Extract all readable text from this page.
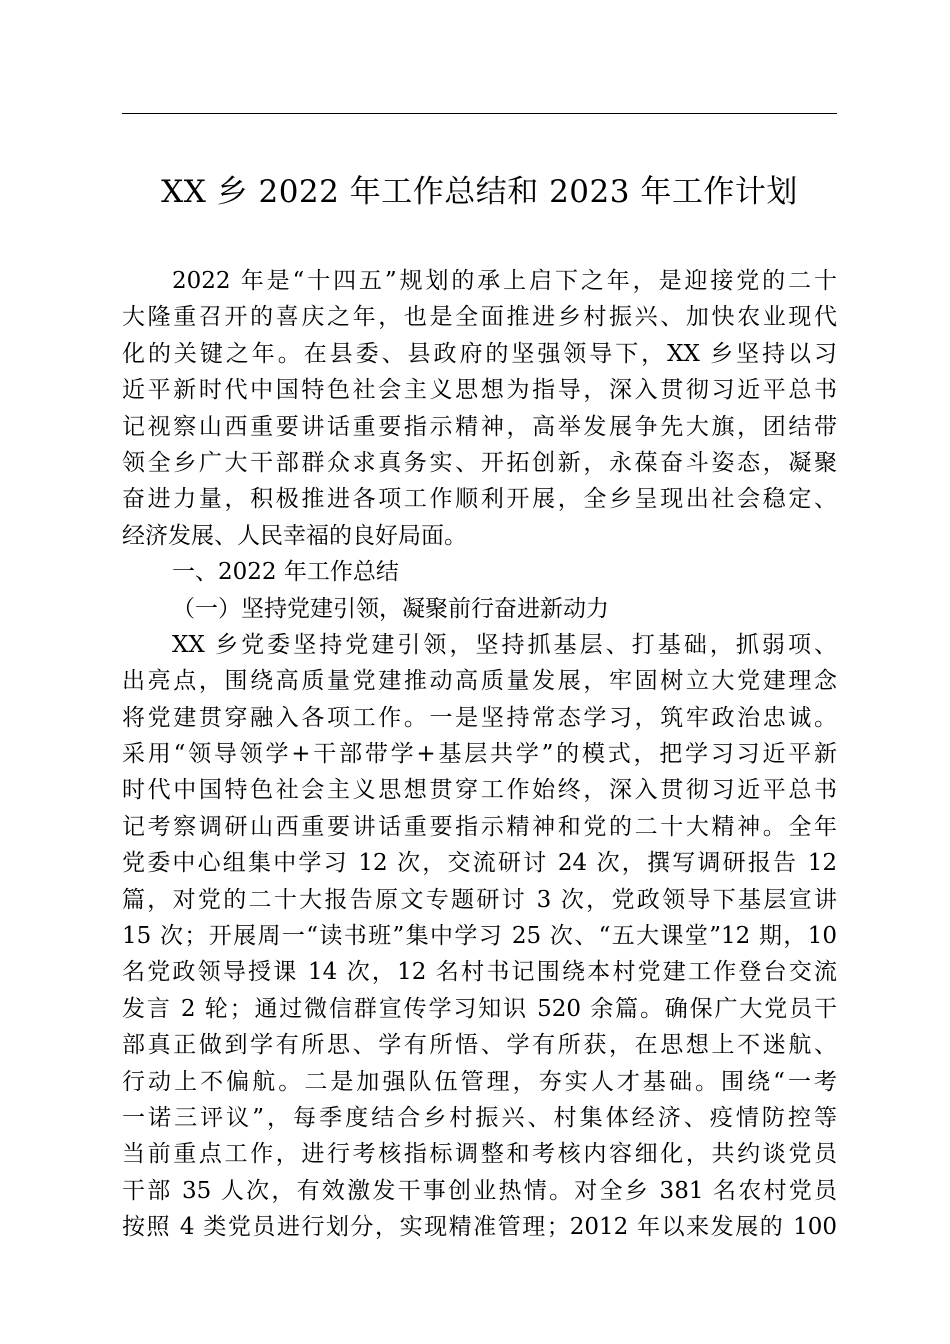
XX 乡 2022 年工作总结和 2023 年工作计划
2022 年是“十四五”规划的承上启下之年，是迎接党的二十
大隆重召开的喜庆之年，也是全面推进乡村振兴、加快农业现代
化的关键之年。在县委、县政府的坚强领导下，XX 乡坚持以习
近平新时代中国特色社会主义思想为指导，深入贯彻习近平总书
记视察山西重要讲话重要指示精神，高举发展争先大旗，团结带
领全乡广大干部群众求真务实、开拓创新，永葆奋斗姿态，凝聚
奋进力量，积极推进各项工作顺利开展，全乡呈现出社会稳定、
经济发展、人民幸福的良好局面。
一、2022 年工作总结
（一）坚持党建引领，凝聚前行奋进新动力
XX 乡党委坚持党建引领，坚持抓基层、打基础，抓弱项、
出亮点，围绕高质量党建推动高质量发展，牢固树立大党建理念
将党建贯穿融入各项工作。一是坚持常态学习，筑牢政治忠诚。
采用“领导领学+干部带学+基层共学”的模式，把学习习近平新
时代中国特色社会主义思想贯穿工作始终，深入贯彻习近平总书
记考察调研山西重要讲话重要指示精神和党的二十大精神。全年
党委中心组集中学习 12 次，交流研讨 24 次，撰写调研报告 12
篇，对党的二十大报告原文专题研讨 3 次，党政领导下基层宣讲
15 次；开展周一“读书班”集中学习 25 次、“五大课堂”12 期，10
名党政领导授课 14 次，12 名村书记围绕本村党建工作登台交流
发言 2 轮；通过微信群宣传学习知识 520 余篇。确保广大党员干
部真正做到学有所思、学有所悟、学有所获，在思想上不迷航、
行动上不偏航。二是加强队伍管理，夯实人才基础。围绕“一考
一诺三评议”，每季度结合乡村振兴、村集体经济、疫情防控等
当前重点工作，进行考核指标调整和考核内容细化，共约谈党员
干部 35 人次，有效激发干事创业热情。对全乡 381 名农村党员
按照 4 类党员进行划分，实现精准管理；2012 年以来发展的 100
